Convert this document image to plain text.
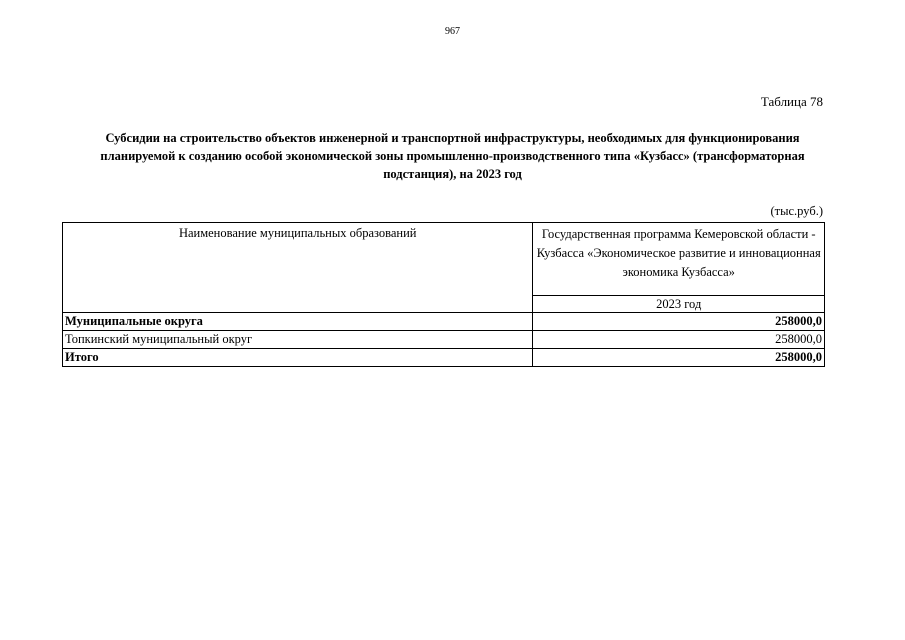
967
Таблица 78
Субсидии на строительство объектов инженерной и транспортной инфраструктуры, необходимых для функционирования планируемой к созданию особой экономической зоны промышленно-производственного типа «Кузбасс» (трансформаторная подстанция), на 2023 год
(тыс.руб.)
Наименование муниципальных образований	Государственная программа Кемеровской области - Кузбасса «Экономическое развитие и инновационная экономика Кузбасса»
	2023 год
Муниципальные округа	258000,0
Топкинский муниципальный округ	258000,0
Итого	258000,0
